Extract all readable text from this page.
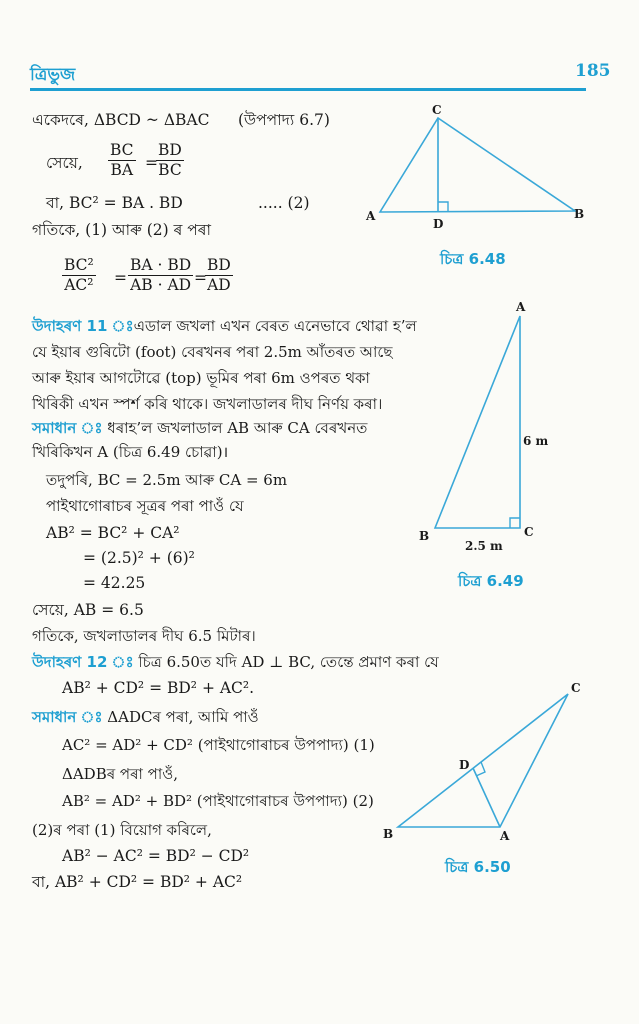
ত্ৰিভুজ	185
একেদৰে, ΔBCD ~ ΔBAC (উপপাদ্য 6.7)
সেয়ে, $\frac{BC}{BA}$ =
$\frac{BD}{BC}$
বা, BC² = BA . BD	..... (2)
গতিকে, (1) আৰু (2) ৰ পৰা
$\frac{\text{BC²}}{\text{AC²}} = \frac{BA \cdot BD}{AB \cdot AD}$ =
$\frac{BD}{AD}$
উদাহৰণ 11 ঃএডাল জখলা এখন বেৰত এনেভাবে থোৱা হ’ল
যে ইয়াৰ গুৰিটো (foot) বেৰখনৰ পৰা 2.5m আঁতৰত আছে
আৰু ইয়াৰ আগটোৱে (top) ভূমিৰ পৰা 6m ওপৰত থকা
খিৰিকী এখন স্পৰ্শ কৰি থাকে। জখলাডালৰ দীঘ নিৰ্ণয় কৰা।
সমাধান ঃ ধৰাহ’ল জখলাডাল AB আৰু CA বেৰখনত
খিৰিকিখন A (চিত্ৰ 6.49 চোৱা)।
তদুপৰি, BC = 2.5m আৰু CA = 6m
পাইথাগোৰাচৰ সূত্ৰৰ পৰা পাওঁ যে
AB² = BC² + CA²
= (2.5)² + (6)²
= 42.25
সেয়ে, AB = 6.5
গতিকে, জখলাডালৰ দীঘ 6.5 মিটাৰ।
উদাহৰণ 12 ঃ চিত্ৰ 6.50ত যদি AD ⊥ BC, তেন্তে প্ৰমাণ কৰা যে
AB² + CD² = BD² + AC².
সমাধান ঃ ΔADCৰ পৰা, আমি পাওঁ
AC² = AD² + CD² (পাইথাগোৰাচৰ উপপাদ্য) (1)
ΔADBৰ পৰা পাওঁ,
AB² = AD² + BD² (পাইথাগোৰাচৰ উপপাদ্য) (2)
(2)ৰ পৰা (1) বিয়োগ কৰিলে,
AB² − AC² = BD² − CD²
বা, AB² + CD² = BD² + AC²
C
A
D
B
চিত্ৰ 6.48
A
6 m
B	C
2.5 m
চিত্ৰ 6.49
C
D
B	A
চিত্ৰ 6.50
